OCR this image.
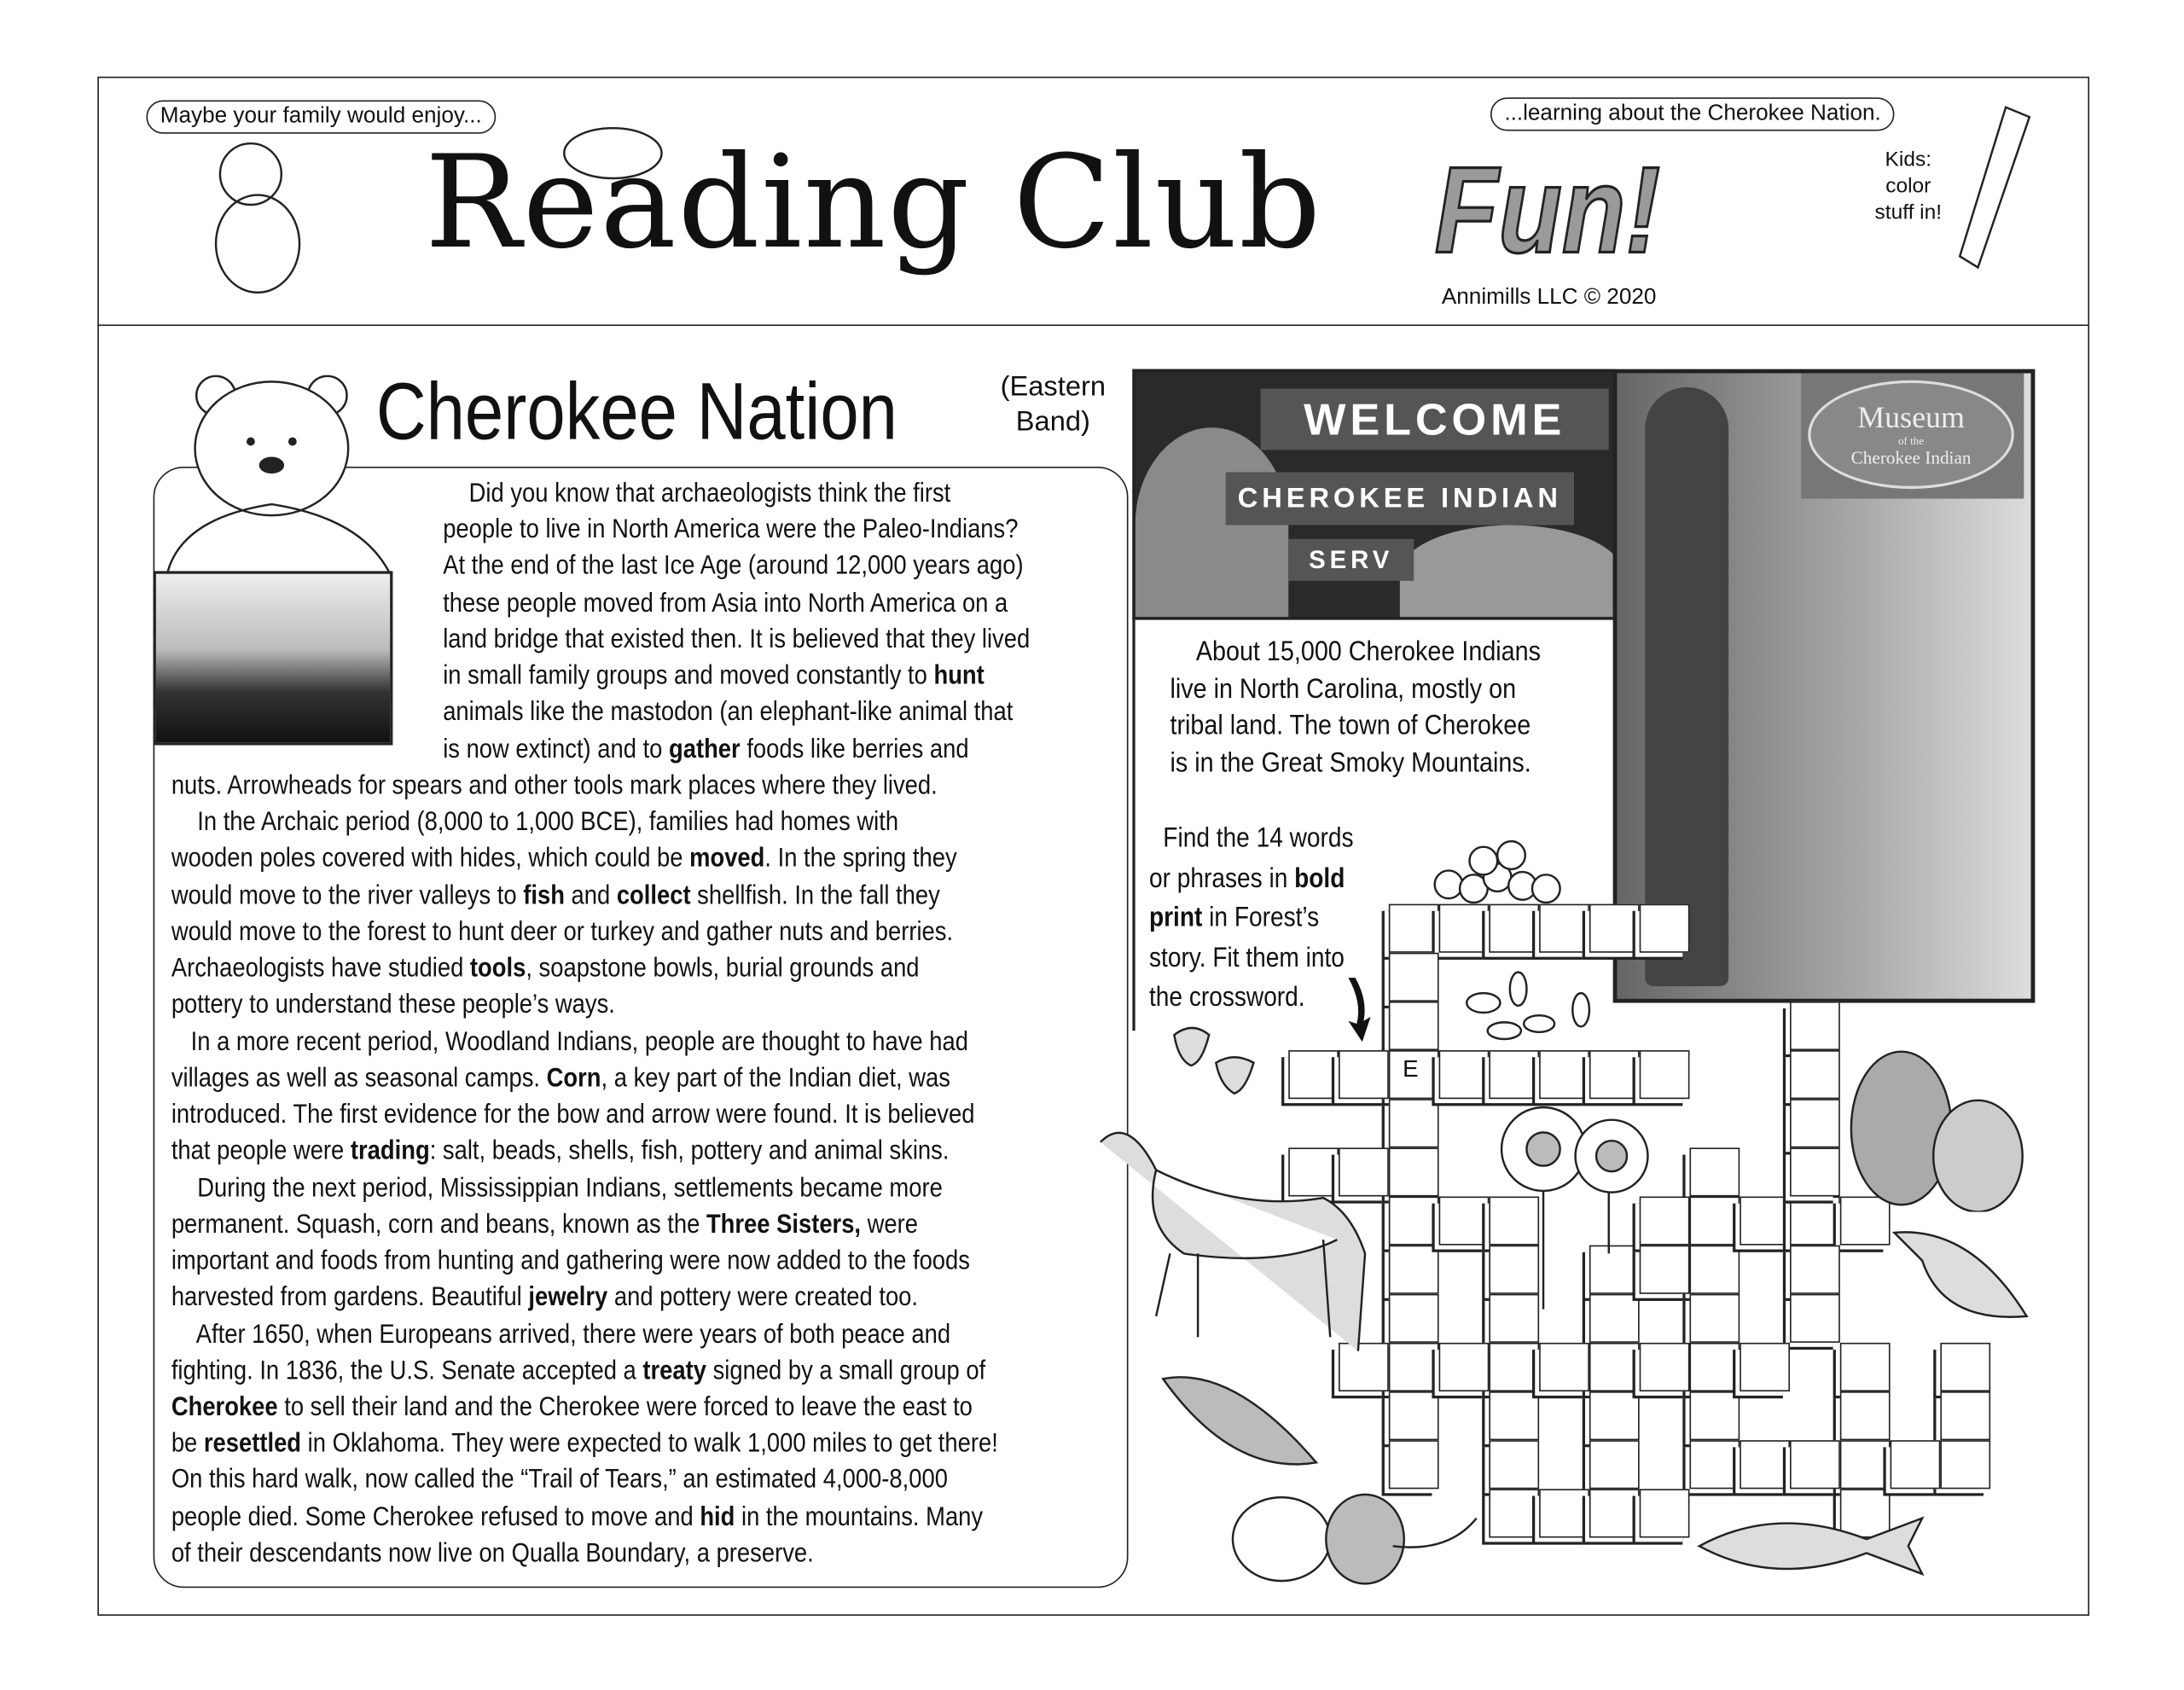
Maybe your family would enjoy...	...learning about the Cherokee Nation.
Reading Club Fun!
Annimills LLC © 2020
Kids: color stuff in!
Cherokee Nation	(Eastern Band)
Did you know that archaeologists think the first
people to live in North America were the Paleo-Indians?
At the end of the last Ice Age (around 12,000 years ago)
these people moved from Asia into North America on a
land bridge that existed then. It is believed that they lived
in small family groups and moved constantly to hunt
animals like the mastodon (an elephant-like animal that
is now extinct) and to gather foods like berries and
nuts. Arrowheads for spears and other tools mark places where they lived.
In the Archaic period (8,000 to 1,000 BCE), families had homes with
wooden poles covered with hides, which could be moved. In the spring they
would move to the river valleys to fish and collect shellfish. In the fall they
would move to the forest to hunt deer or turkey and gather nuts and berries.
Archaeologists have studied tools, soapstone bowls, burial grounds and
pottery to understand these people’s ways.
In a more recent period, Woodland Indians, people are thought to have had
villages as well as seasonal camps. Corn, a key part of the Indian diet, was
introduced. The first evidence for the bow and arrow were found. It is believed
that people were trading: salt, beads, shells, fish, pottery and animal skins.
During the next period, Mississippian Indians, settlements became more
permanent. Squash, corn and beans, known as the Three Sisters, were
important and foods from hunting and gathering were now added to the foods
harvested from gardens. Beautiful jewelry and pottery were created too.
After 1650, when Europeans arrived, there were years of both peace and
fighting. In 1836, the U.S. Senate accepted a treaty signed by a small group of
Cherokee to sell their land and the Cherokee were forced to leave the east to
be resettled in Oklahoma. They were expected to walk 1,000 miles to get there!
On this hard walk, now called the “Trail of Tears,” an estimated 4,000-8,000
people died. Some Cherokee refused to move and hid in the mountains. Many
of their descendants now live on Qualla Boundary, a preserve.
WELCOME
CHEROKEE INDIAN
SERV
Museum
of the
Cherokee Indian
About 15,000 Cherokee Indians
live in North Carolina, mostly on
tribal land. The town of Cherokee
is in the Great Smoky Mountains.
Find the 14 words
or phrases in bold
print in Forest’s
story. Fit them into
the crossword.
E
